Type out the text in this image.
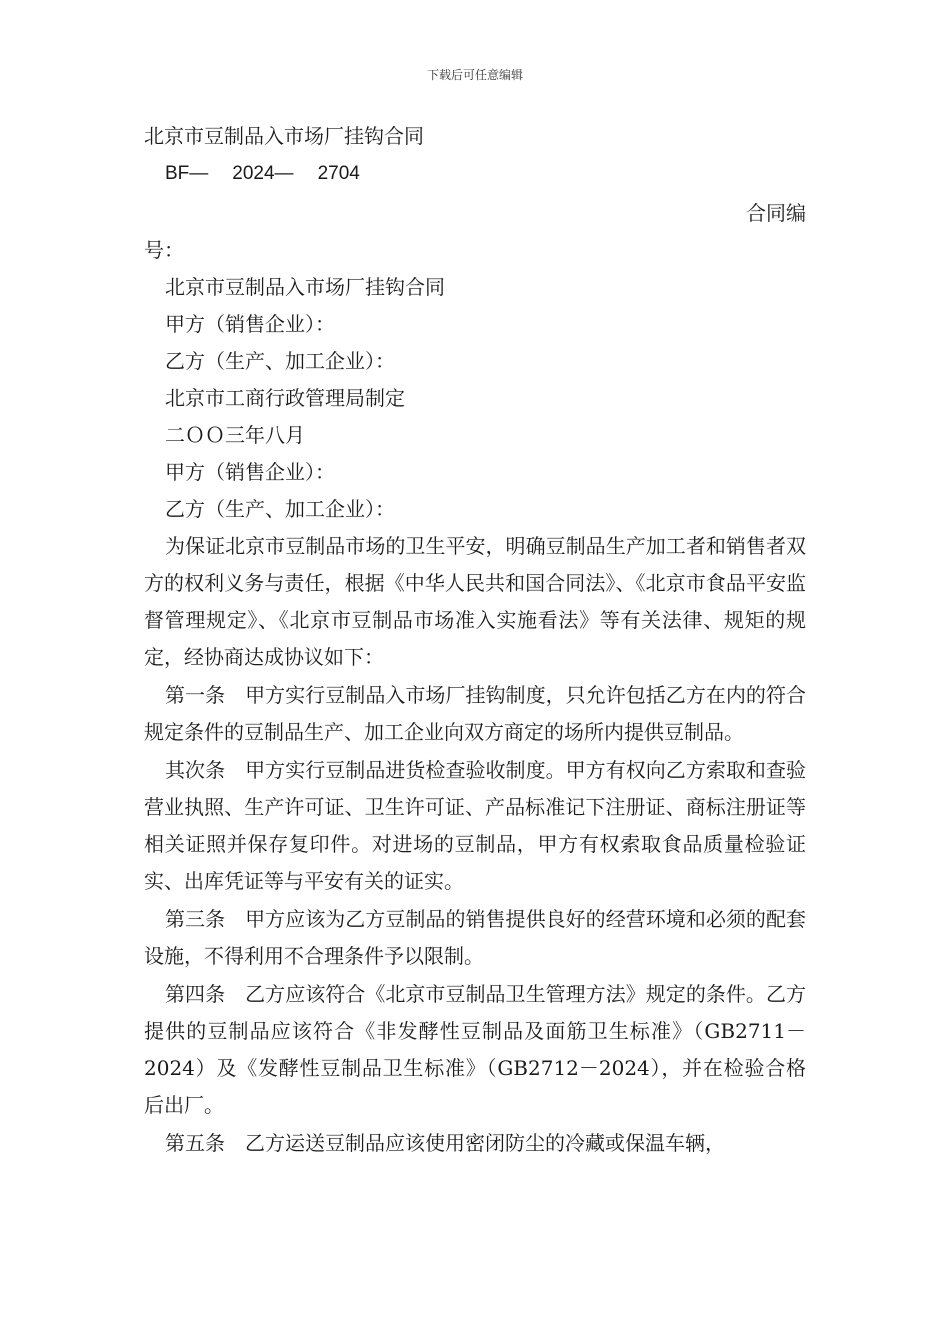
下载后可任意编辑
北京市豆制品入市场厂挂钩合同
BF— 2024— 2704
合同编
号：
北京市豆制品入市场厂挂钩合同
甲方（销售企业）：
乙方（生产、加工企业）：
北京市工商行政管理局制定
二ＯＯ三年八月
甲方（销售企业）：
乙方（生产、加工企业）：
为保证北京市豆制品市场的卫生平安，明确豆制品生产加工者和销售者双方的权利义务与责任，根据《中华人民共和国合同法》、《北京市食品平安监督管理规定》、《北京市豆制品市场准入实施看法》等有关法律、规矩的规定，经协商达成协议如下：
第一条　甲方实行豆制品入市场厂挂钩制度，只允许包括乙方在内的符合规定条件的豆制品生产、加工企业向双方商定的场所内提供豆制品。
其次条　甲方实行豆制品进货检查验收制度。甲方有权向乙方索取和查验营业执照、生产许可证、卫生许可证、产品标准记下注册证、商标注册证等相关证照并保存复印件。对进场的豆制品，甲方有权索取食品质量检验证实、出库凭证等与平安有关的证实。
第三条　甲方应该为乙方豆制品的销售提供良好的经营环境和必须的配套设施，不得利用不合理条件予以限制。
第四条　乙方应该符合《北京市豆制品卫生管理方法》规定的条件。乙方提供的豆制品应该符合《非发酵性豆制品及面筋卫生标准》（GB2711－2024）及《发酵性豆制品卫生标准》（GB2712－2024），并在检验合格后出厂。
第五条　乙方运送豆制品应该使用密闭防尘的冷藏或保温车辆，
